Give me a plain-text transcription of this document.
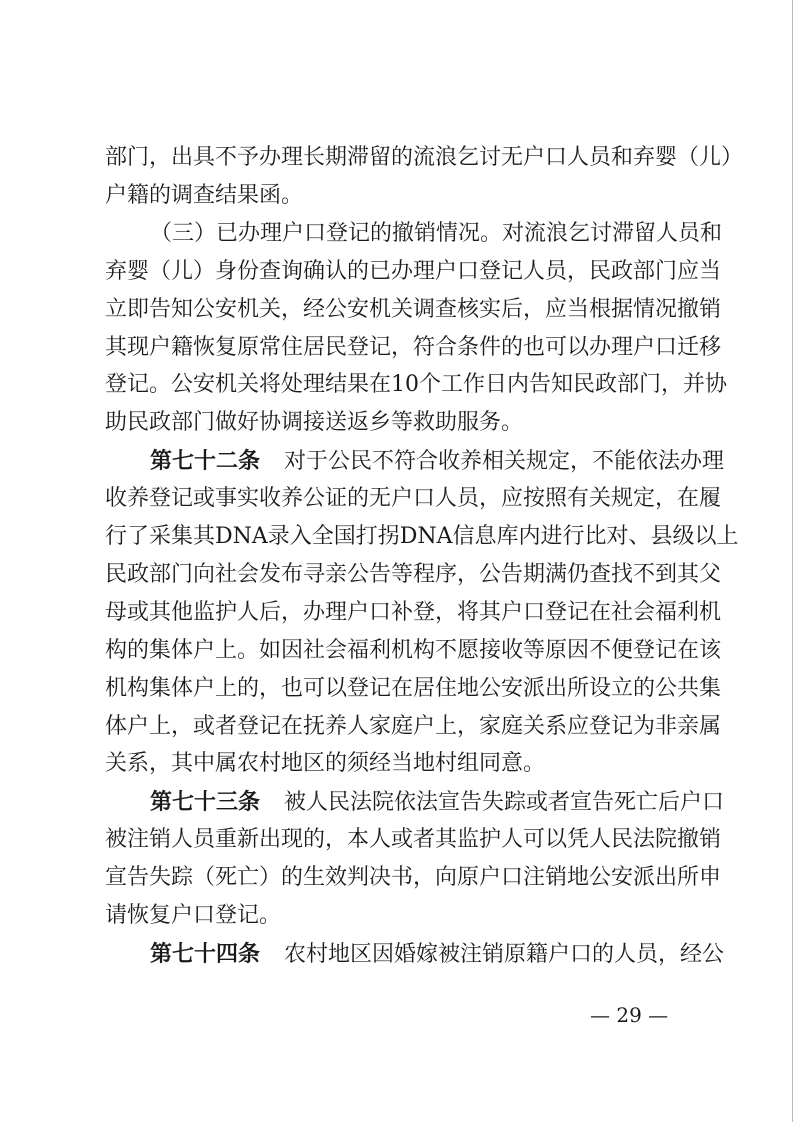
部门，出具不予办理长期滞留的流浪乞讨无户口人员和弃婴（儿）
户籍的调查结果函。
（三）已办理户口登记的撤销情况。对流浪乞讨滞留人员和
弃婴（儿）身份查询确认的已办理户口登记人员，民政部门应当
立即告知公安机关，经公安机关调查核实后，应当根据情况撤销
其现户籍恢复原常住居民登记，符合条件的也可以办理户口迁移
登记。公安机关将处理结果在10个工作日内告知民政部门，并协
助民政部门做好协调接送返乡等救助服务。
第七十二条 对于公民不符合收养相关规定，不能依法办理
收养登记或事实收养公证的无户口人员，应按照有关规定，在履
行了采集其DNA录入全国打拐DNA信息库内进行比对、县级以上
民政部门向社会发布寻亲公告等程序，公告期满仍查找不到其父
母或其他监护人后，办理户口补登，将其户口登记在社会福利机
构的集体户上。如因社会福利机构不愿接收等原因不便登记在该
机构集体户上的，也可以登记在居住地公安派出所设立的公共集
体户上，或者登记在抚养人家庭户上，家庭关系应登记为非亲属
关系，其中属农村地区的须经当地村组同意。
第七十三条 被人民法院依法宣告失踪或者宣告死亡后户口
被注销人员重新出现的，本人或者其监护人可以凭人民法院撤销
宣告失踪（死亡）的生效判决书，向原户口注销地公安派出所申
请恢复户口登记。
第七十四条 农村地区因婚嫁被注销原籍户口的人员，经公
— 29 —
